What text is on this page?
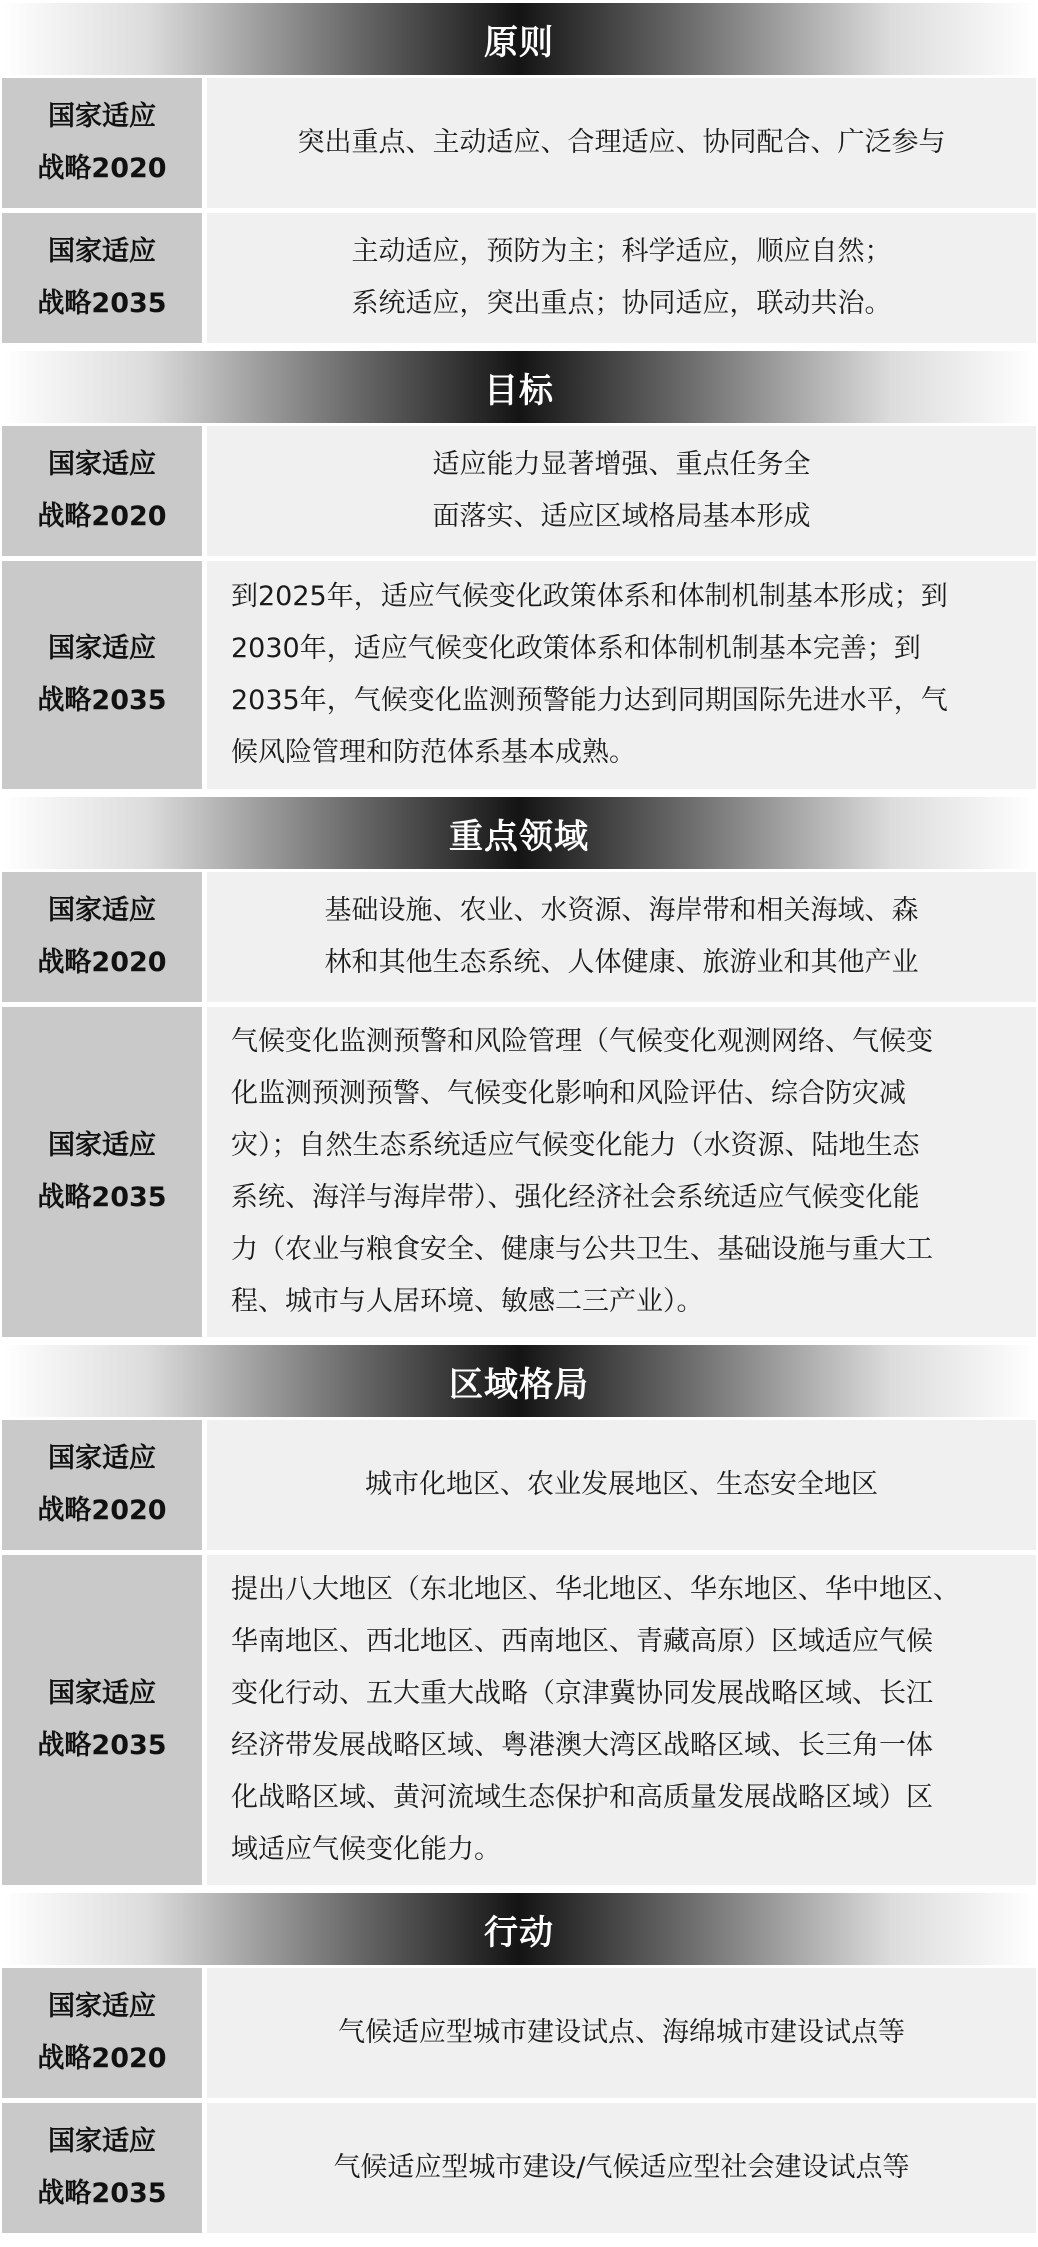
原则
国家适应
战略2020
突出重点、主动适应、合理适应、协同配合、广泛参与
国家适应
战略2035
主动适应，预防为主；科学适应，顺应自然；
系统适应，突出重点；协同适应，联动共治。
目标
国家适应
战略2020
适应能力显著增强、重点任务全
面落实、适应区域格局基本形成
国家适应
战略2035
到2025年，适应气候变化政策体系和体制机制基本形成；到
2030年，适应气候变化政策体系和体制机制基本完善；到
2035年，气候变化监测预警能力达到同期国际先进水平，气
候风险管理和防范体系基本成熟。
重点领域
国家适应
战略2020
基础设施、农业、水资源、海岸带和相关海域、森
林和其他生态系统、人体健康、旅游业和其他产业
国家适应
战略2035
气候变化监测预警和风险管理（气候变化观测网络、气候变
化监测预测预警、气候变化影响和风险评估、综合防灾减
灾）；自然生态系统适应气候变化能力（水资源、陆地生态
系统、海洋与海岸带）、强化经济社会系统适应气候变化能
力（农业与粮食安全、健康与公共卫生、基础设施与重大工
程、城市与人居环境、敏感二三产业）。
区域格局
国家适应
战略2020
城市化地区、农业发展地区、生态安全地区
国家适应
战略2035
提出八大地区（东北地区、华北地区、华东地区、华中地区、
华南地区、西北地区、西南地区、青藏高原）区域适应气候
变化行动、五大重大战略（京津冀协同发展战略区域、长江
经济带发展战略区域、粤港澳大湾区战略区域、长三角一体
化战略区域、黄河流域生态保护和高质量发展战略区域）区
域适应气候变化能力。
行动
国家适应
战略2020
气候适应型城市建设试点、海绵城市建设试点等
国家适应
战略2035
气候适应型城市建设/气候适应型社会建设试点等
